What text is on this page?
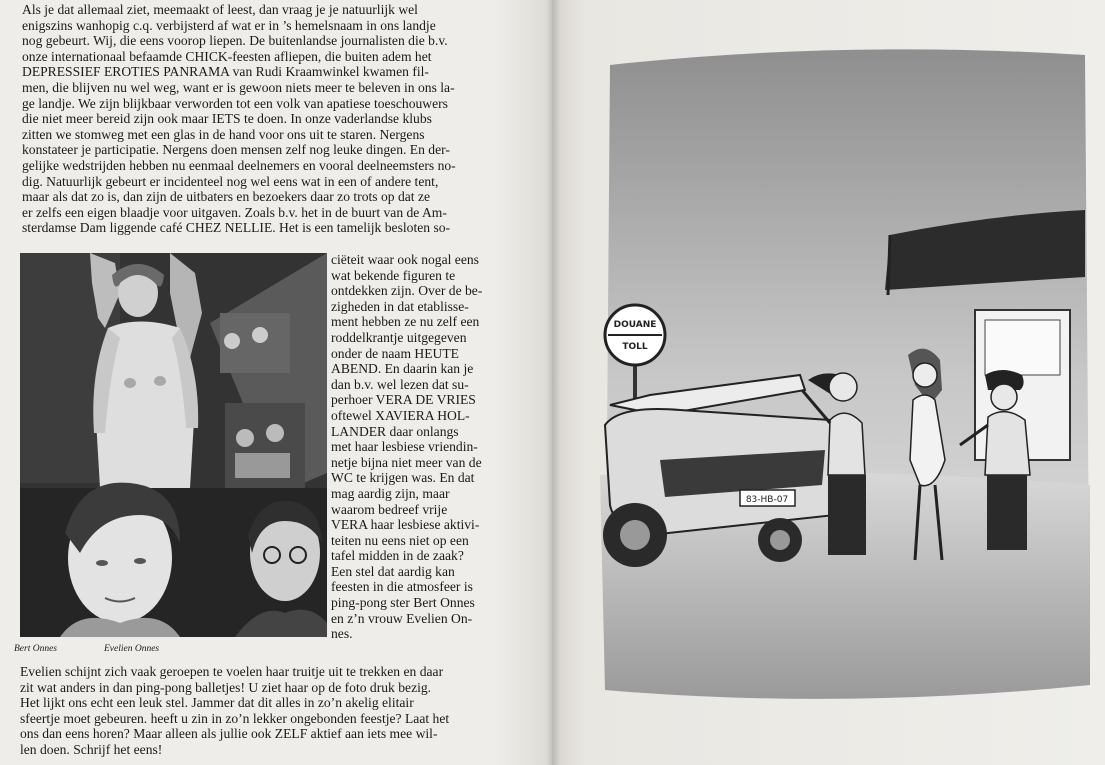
Als je dat allemaal ziet, meemaakt of leest, dan vraag je je natuurlijk wel
enigszins wanhopig c.q. verbijsterd af wat er in ’s hemelsnaam in ons landje
nog gebeurt. Wij, die eens voorop liepen. De buitenlandse journalisten die b.v.
onze internationaal befaamde CHICK-feesten afliepen, die buiten adem het
DEPRESSIEF EROTIES PANRAMA van Rudi Kraamwinkel kwamen fil-
men, die blijven nu wel weg, want er is gewoon niets meer te beleven in ons la-
ge landje. We zijn blijkbaar verworden tot een volk van apatiese toeschouwers
die niet meer bereid zijn ook maar IETS te doen. In onze vaderlandse klubs
zitten we stomweg met een glas in de hand voor ons uit te staren. Nergens
konstateer je participatie. Nergens doen mensen zelf nog leuke dingen. En der-
gelijke wedstrijden hebben nu eenmaal deelnemers en vooral deelneemsters no-
dig. Natuurlijk gebeurt er incidenteel nog wel eens wat in een of andere tent,
maar als dat zo is, dan zijn de uitbaters en bezoekers daar zo trots op dat ze
er zelfs een eigen blaadje voor uitgaven. Zoals b.v. het in de buurt van de Am-
sterdamse Dam liggende café CHEZ NELLIE. Het is een tamelijk besloten so-
ciëteit waar ook nogal eens
wat bekende figuren te
ontdekken zijn. Over de be-
zigheden in dat etablisse-
ment hebben ze nu zelf een
roddelkrantje uitgegeven
onder de naam HEUTE
ABEND. En daarin kan je
dan b.v. wel lezen dat su-
perhoer VERA DE VRIES
oftewel XAVIERA HOL-
LANDER daar onlangs
met haar lesbiese vriendin-
netje bijna niet meer van de
WC te krijgen was. En dat
mag aardig zijn, maar
waarom bedreef vrije
VERA haar lesbiese aktivi-
teiten nu eens niet op een
tafel midden in de zaak?
Een stel dat aardig kan
feesten in die atmosfeer is
ping-pong ster Bert Onnes
en z’n vrouw Evelien On-
nes.
Bert Onnes	Evelien Onnes
Evelien schijnt zich vaak geroepen te voelen haar truitje uit te trekken en daar
zit wat anders in dan ping-pong balletjes! U ziet haar op de foto druk bezig.
Het lijkt ons echt een leuk stel. Jammer dat dit alles in zo’n akelig elitair
sfeertje moet gebeuren. heeft u zin in zo’n lekker ongebonden feestje? Laat het
ons dan eens horen? Maar alleen als jullie ook ZELF aktief aan iets mee wil-
len doen. Schrijf het eens!
DOUANE
TOLL
83-HB-07
